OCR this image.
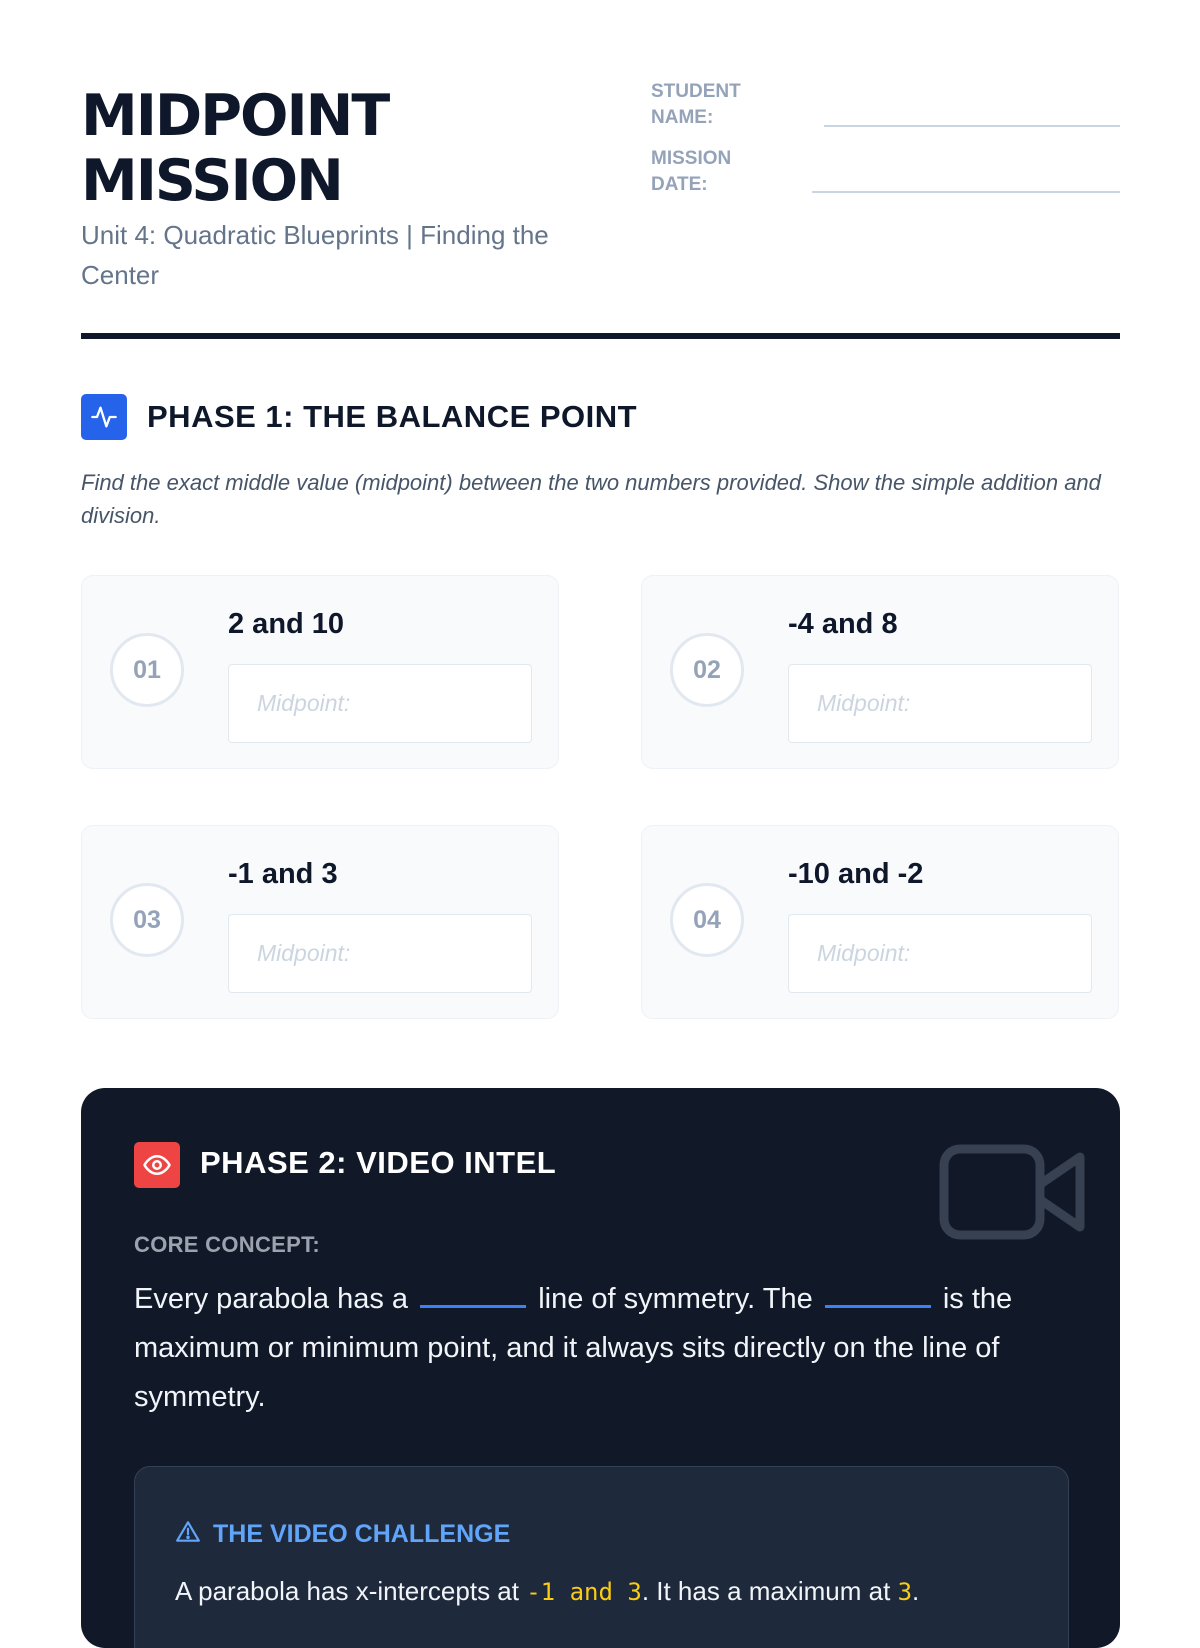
MIDPOINT
MISSION
Unit 4: Quadratic Blueprints | Finding the Center
STUDENT NAME:
MISSION DATE:
PHASE 1: THE BALANCE POINT
Find the exact middle value (midpoint) between the two numbers provided. Show the simple addition and division.
01
2 and 10
Midpoint:
02
-4 and 8
Midpoint:
03
-1 and 3
Midpoint:
04
-10 and -2
Midpoint:
PHASE 2: VIDEO INTEL
CORE CONCEPT:
Every parabola has a	line of symmetry. The	is the maximum or minimum point, and it always sits directly on the line of symmetry.
THE VIDEO CHALLENGE
A parabola has x-intercepts at -1 and 3. It has a maximum at 3.
